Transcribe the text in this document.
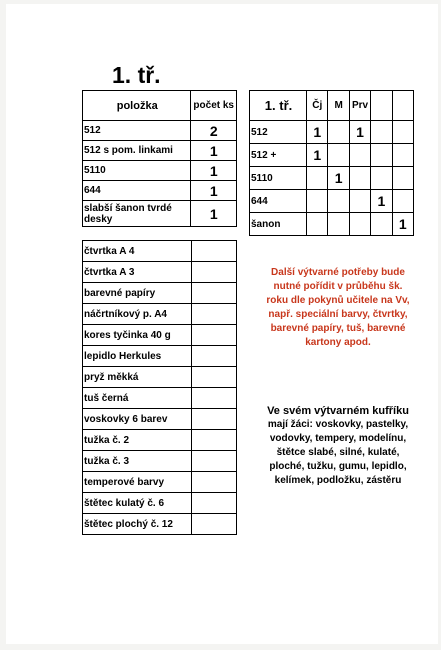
1. tř.
položka	počet ks
512	2
512 s pom. linkami	1
5110	1
644	1
slabší šanon tvrdé desky	1
1. tř.	Čj	M	Prv		
512	1		1		
512 +	1				
5110		1			
644				1	
šanon					1
čtvrtka A 4	
čtvrtka A 3	
barevné papíry	
náčrtníkový p. A4	
kores tyčinka 40 g	
lepidlo Herkules	
pryž měkká	
tuš černá	
voskovky 6 barev	
tužka č. 2	
tužka č. 3	
temperové barvy	
štětec kulatý č. 6	
štětec plochý č. 12	
Další výtvarné potřeby bude
nutné pořídit v průběhu šk.
roku dle pokynů učitele na Vv,
např. speciální barvy, čtvrtky,
barevné papíry, tuš, barevné
kartony apod.
Ve svém výtvarném kufříku
mají žáci: voskovky, pastelky,
vodovky, tempery, modelínu,
štětce slabé, silné, kulaté,
ploché, tužku, gumu, lepidlo,
kelímek, podložku, zástěru
